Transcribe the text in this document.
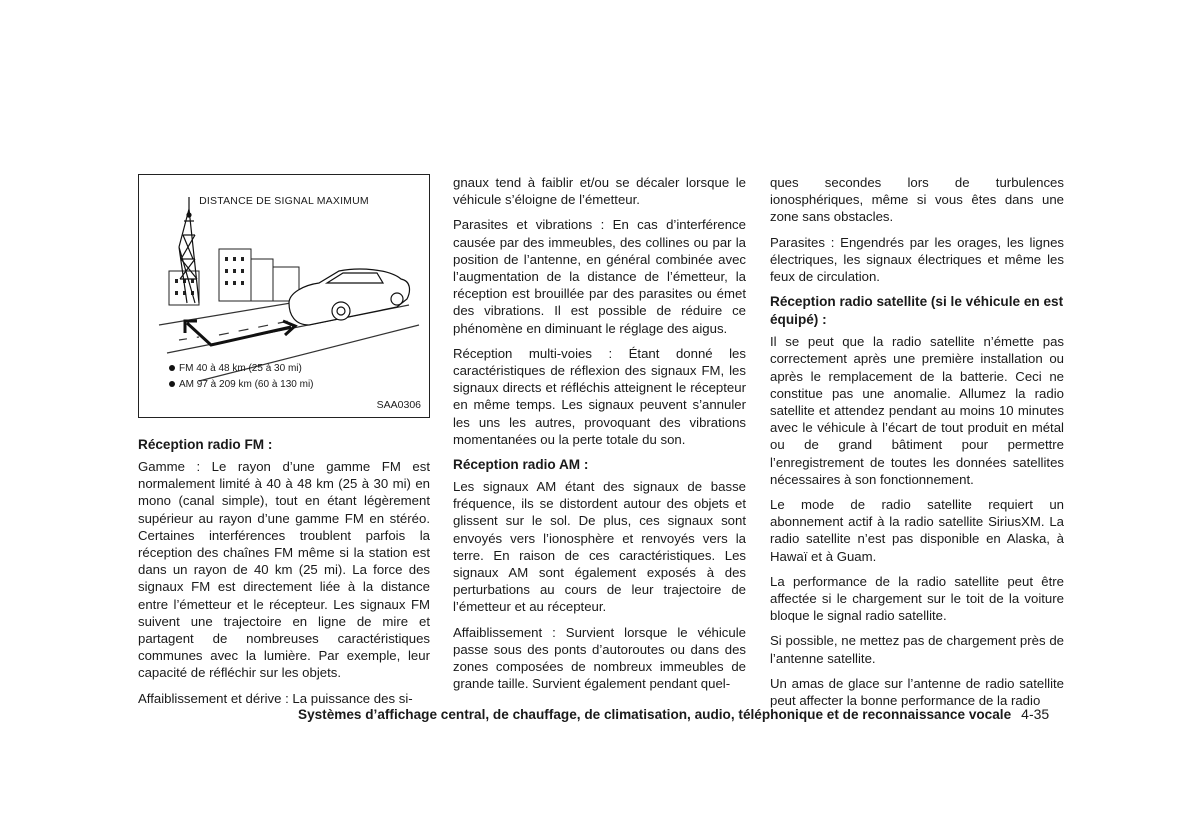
DISTANCE DE SIGNAL MAXIMUM
FM 40 à 48 km (25 à 30 mi)
AM 97 à 209 km (60 à 130 mi)
SAA0306
Réception radio FM :

Gamme : Le rayon d’une gamme FM est normalement limité à 40 à 48 km (25 à 30 mi) en mono (canal simple), tout en étant légèrement supérieur au rayon d’une gamme FM en stéréo. Certaines interférences troublent parfois la réception des chaînes FM même si la station est dans un rayon de 40 km (25 mi). La force des signaux FM est directement liée à la distance entre l’émetteur et le récepteur. Les signaux FM suivent une trajectoire en ligne de mire et partagent de nombreuses caractéristiques communes avec la lumière. Par exemple, leur capacité de réfléchir sur les objets.

Affaiblissement et dérive : La puissance des si-

gnaux tend à faiblir et/ou se décaler lorsque le véhicule s’éloigne de l’émetteur.

Parasites et vibrations : En cas d’interférence causée par des immeubles, des collines ou par la position de l’antenne, en général combinée avec l’augmentation de la distance de l’émetteur, la réception est brouillée par des parasites ou émet des vibrations. Il est possible de réduire ce phénomène en diminuant le réglage des aigus.

Réception multi-voies : Étant donné les caractéristiques de réflexion des signaux FM, les signaux directs et réfléchis atteignent le récepteur en même temps. Les signaux peuvent s’annuler les uns les autres, provoquant des vibrations momentanées ou la perte totale du son.

Réception radio AM :

Les signaux AM étant des signaux de basse fréquence, ils se distordent autour des objets et glissent sur le sol. De plus, ces signaux sont envoyés vers l’ionosphère et renvoyés vers la terre. En raison de ces caractéristiques. Les signaux AM sont également exposés à des perturbations au cours de leur trajectoire de l’émetteur et au récepteur.

Affaiblissement : Survient lorsque le véhicule passe sous des ponts d’autoroutes ou dans des zones composées de nombreux immeubles de grande taille. Survient également pendant quel-

ques secondes lors de turbulences ionosphériques, même si vous êtes dans une zone sans obstacles.

Parasites : Engendrés par les orages, les lignes électriques, les signaux électriques et même les feux de circulation.

Réception radio satellite (si le véhicule en est équipé) :

Il se peut que la radio satellite n’émette pas correctement après une première installation ou après le remplacement de la batterie. Ceci ne constitue pas une anomalie. Allumez la radio satellite et attendez pendant au moins 10 minutes avec le véhicule à l’écart de tout produit en métal ou de grand bâtiment pour permettre l’enregistrement de toutes les données satellites nécessaires à son fonctionnement.

Le mode de radio satellite requiert un abonnement actif à la radio satellite SiriusXM. La radio satellite n’est pas disponible en Alaska, à Hawaï et à Guam.

La performance de la radio satellite peut être affectée si le chargement sur le toit de la voiture bloque le signal radio satellite.

Si possible, ne mettez pas de chargement près de l’antenne satellite.

Un amas de glace sur l’antenne de radio satellite peut affecter la bonne performance de la radio

Systèmes d’affichage central, de chauffage, de climatisation, audio, téléphonique et de reconnaissance vocale 4-35
